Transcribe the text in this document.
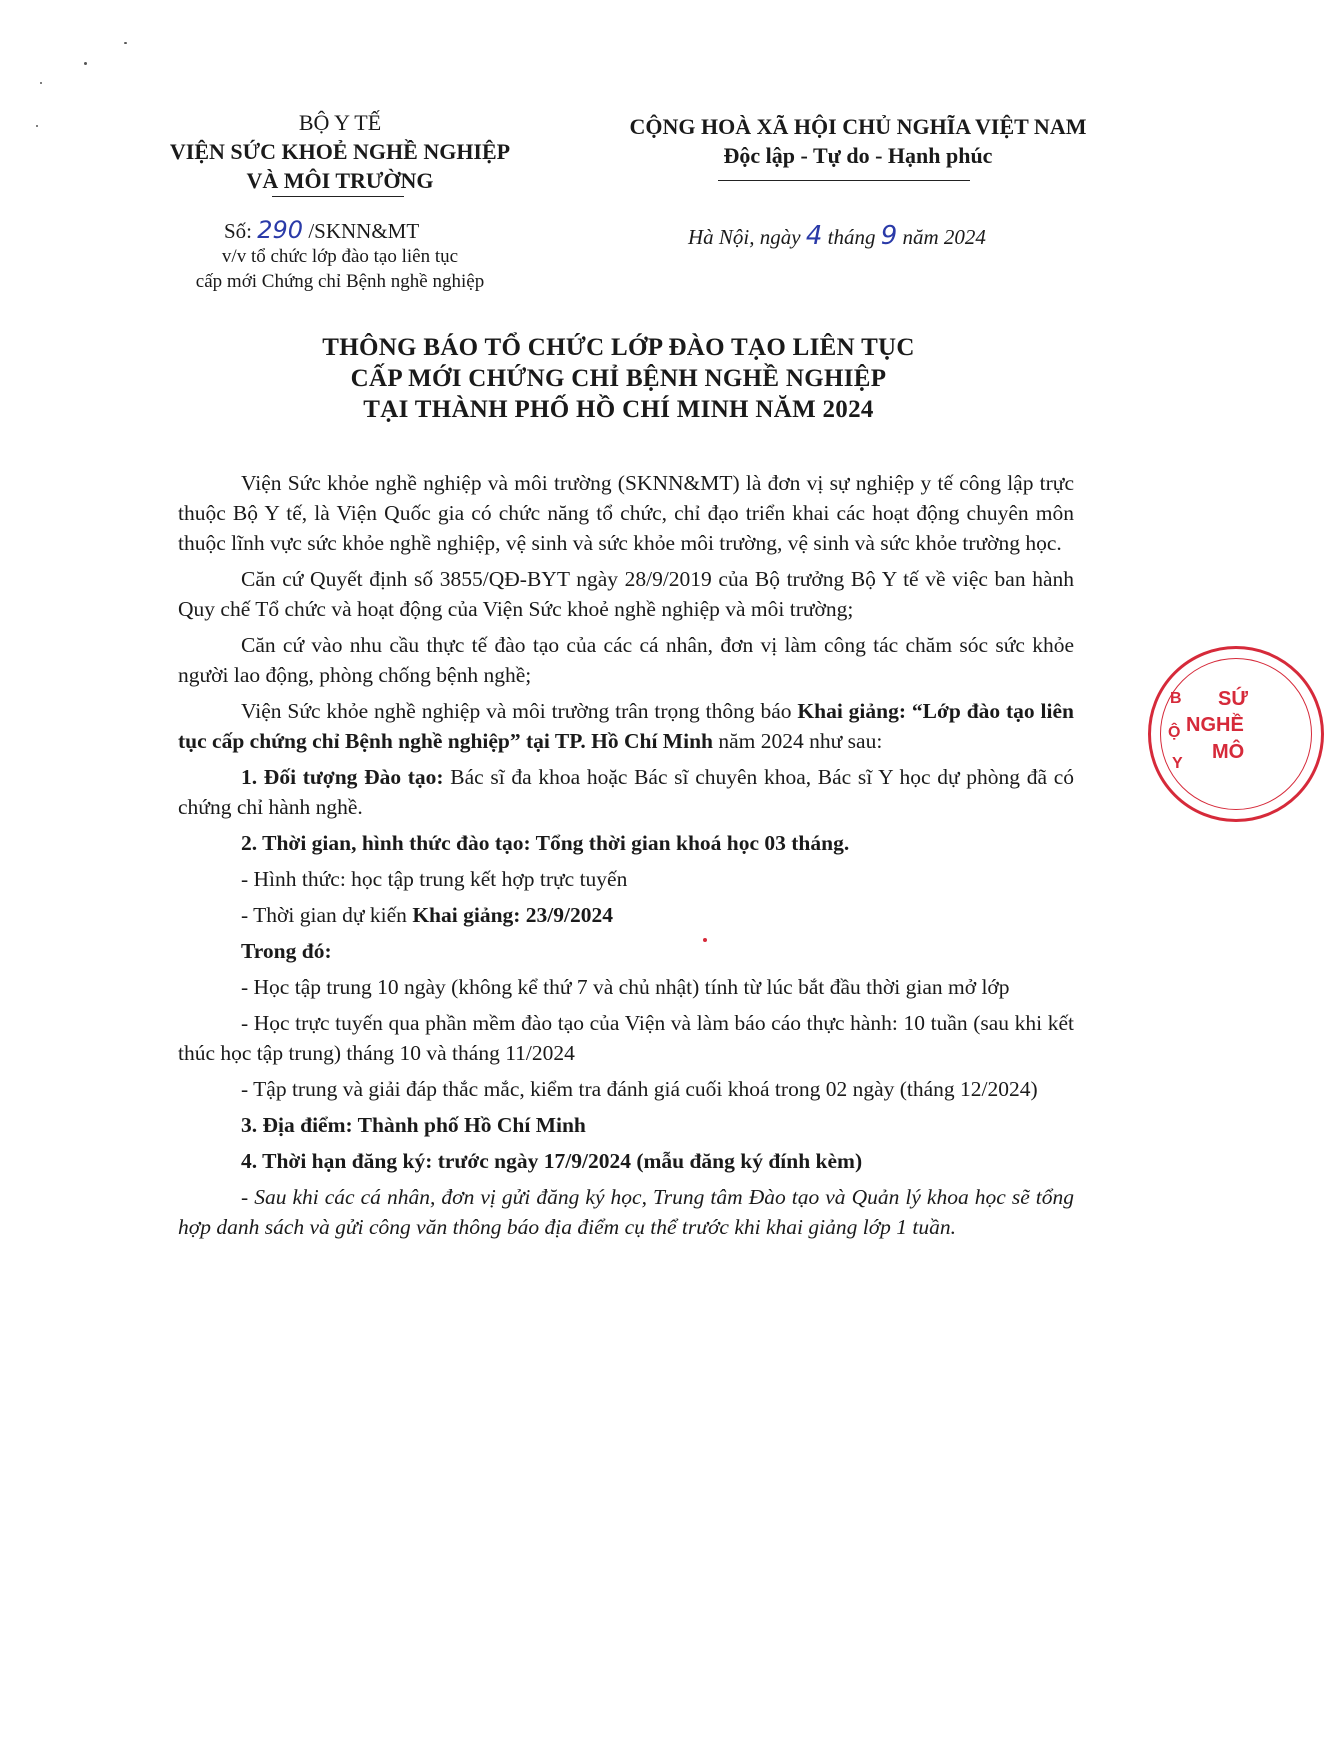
BỘ Y TẾ
VIỆN SỨC KHOẺ NGHỀ NGHIỆP
VÀ MÔI TRƯỜNG
CỘNG HOÀ XÃ HỘI CHỦ NGHĨA VIỆT NAM
Độc lập - Tự do - Hạnh phúc
Số: 290 /SKNN&MT
v/v tổ chức lớp đào tạo liên tục
cấp mới Chứng chỉ Bệnh nghề nghiệp
Hà Nội, ngày 4 tháng 9 năm 2024
THÔNG BÁO TỔ CHỨC LỚP ĐÀO TẠO LIÊN TỤC
CẤP MỚI CHỨNG CHỈ BỆNH NGHỀ NGHIỆP
TẠI THÀNH PHỐ HỒ CHÍ MINH NĂM 2024

Viện Sức khỏe nghề nghiệp và môi trường (SKNN&MT) là đơn vị sự nghiệp y tế công lập trực thuộc Bộ Y tế, là Viện Quốc gia có chức năng tổ chức, chỉ đạo triển khai các hoạt động chuyên môn thuộc lĩnh vực sức khỏe nghề nghiệp, vệ sinh và sức khỏe môi trường, vệ sinh và sức khỏe trường học.

Căn cứ Quyết định số 3855/QĐ-BYT ngày 28/9/2019 của Bộ trưởng Bộ Y tế về việc ban hành Quy chế Tổ chức và hoạt động của Viện Sức khoẻ nghề nghiệp và môi trường;

Căn cứ vào nhu cầu thực tế đào tạo của các cá nhân, đơn vị làm công tác chăm sóc sức khỏe người lao động, phòng chống bệnh nghề;

Viện Sức khỏe nghề nghiệp và môi trường trân trọng thông báo Khai giảng: “Lớp đào tạo liên tục cấp chứng chỉ Bệnh nghề nghiệp” tại TP. Hồ Chí Minh năm 2024 như sau:

1. Đối tượng Đào tạo: Bác sĩ đa khoa hoặc Bác sĩ chuyên khoa, Bác sĩ Y học dự phòng đã có chứng chỉ hành nghề.

2. Thời gian, hình thức đào tạo: Tổng thời gian khoá học 03 tháng.

- Hình thức: học tập trung kết hợp trực tuyến

- Thời gian dự kiến Khai giảng: 23/9/2024

Trong đó:

- Học tập trung 10 ngày (không kể thứ 7 và chủ nhật) tính từ lúc bắt đầu thời gian mở lớp

- Học trực tuyến qua phần mềm đào tạo của Viện và làm báo cáo thực hành: 10 tuần (sau khi kết thúc học tập trung) tháng 10 và tháng 11/2024

- Tập trung và giải đáp thắc mắc, kiểm tra đánh giá cuối khoá trong 02 ngày (tháng 12/2024)

3. Địa điểm: Thành phố Hồ Chí Minh

4. Thời hạn đăng ký: trước ngày 17/9/2024 (mẫu đăng ký đính kèm)

- Sau khi các cá nhân, đơn vị gửi đăng ký học, Trung tâm Đào tạo và Quản lý khoa học sẽ tổng hợp danh sách và gửi công văn thông báo địa điểm cụ thể trước khi khai giảng lớp 1 tuần.

SỨ
NGHỀ
MÔ
B
Ộ
Y
